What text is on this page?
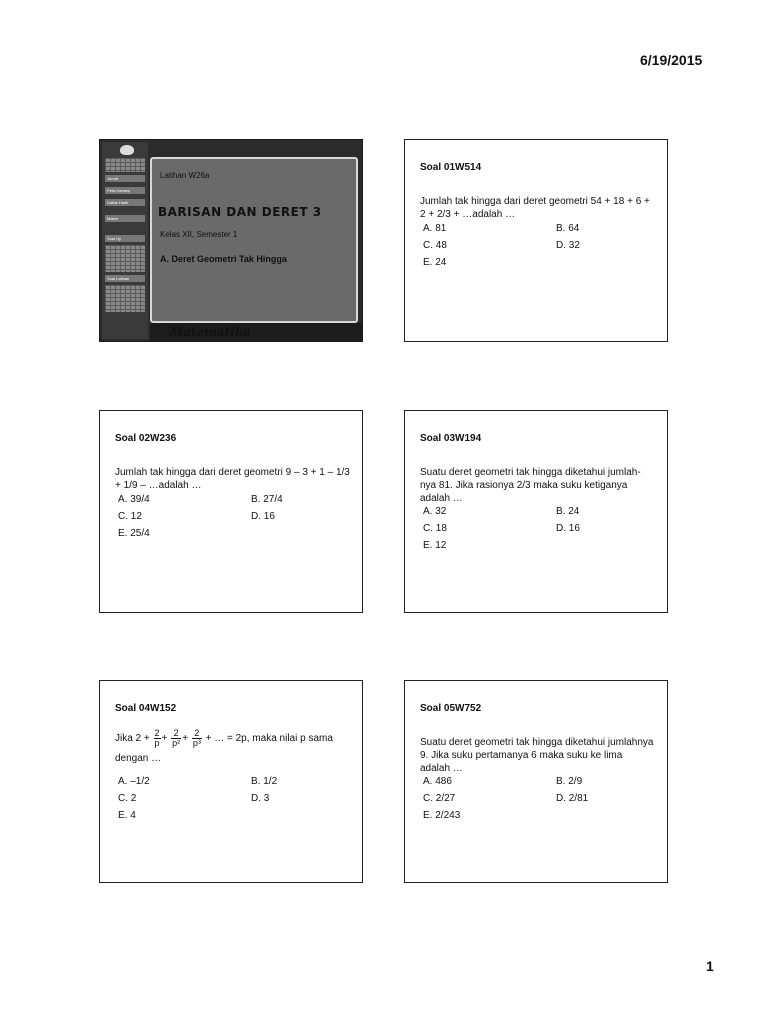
6/19/2015
Jurnal
Peta Konsep
Daftar Hadir
Materi
Soal Uji
Soal Latihan
Latihan W26a
BARISAN DAN DERET 3
Kelas XII, Semester 1
A. Deret Geometri Tak Hingga
Matematika
Soal 01W514
Jumlah tak hingga dari deret geometri 54 + 18 + 6 + 2 + 2/3 + …adalah …
A. 81	B. 64
C. 48	D. 32
E. 24
Soal 02W236
Jumlah tak hingga dari deret geometri 9 – 3 + 1 – 1/3 + 1/9 – …adalah …
A. 39/4	B. 27/4
C. 12	D. 16
E. 25/4
Soal 03W194
Suatu deret geometri tak hingga diketahui jumlah-nya 81. Jika rasionya 2/3 maka suku ketiganya adalah …
A. 32	B. 24
C. 18	D. 16
E. 12
Soal 04W152
Jika $2 + \frac{2}{p} + \frac{2}{\text{p²}} + \frac{2}{\text{p³}}$ + … = 2p, maka nilai p sama
dengan …
A. –1/2	B. 1/2
C. 2	D. 3
E. 4
Soal 05W752
Suatu deret geometri tak hingga diketahui jumlahnya 9. Jika suku pertamanya 6 maka suku ke lima adalah …
A. 486	B. 2/9
C. 2/27	D. 2/81
E. 2/243
1
